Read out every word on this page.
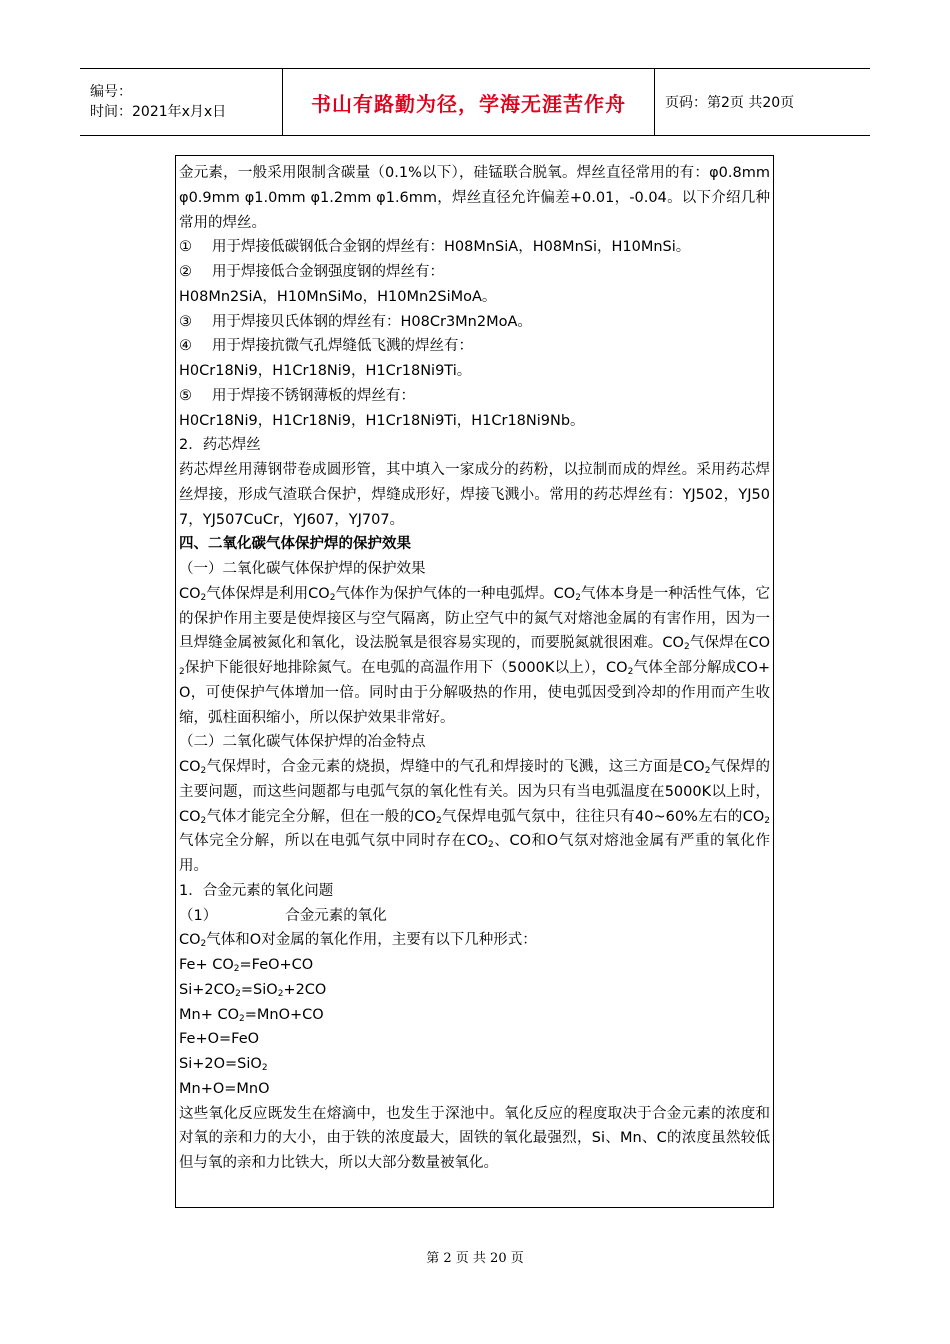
编号：
时间：2021年x月x日	书山有路勤为径，学海无涯苦作舟	页码：第2页 共20页

金元素，一般采用限制含碳量（0.1%以下），硅锰联合脱氧。焊丝直径常用的有：φ0.8mm φ0.9mm φ1.0mm φ1.2mm φ1.6mm，焊丝直径允许偏差+0.01，-0.04。以下介绍几种常用的焊丝。

① 用于焊接低碳钢低合金钢的焊丝有：H08MnSiA，H08MnSi，H10MnSi。

② 用于焊接低合金钢强度钢的焊丝有：

H08Mn2SiA，H10MnSiMo，H10Mn2SiMoA。

③ 用于焊接贝氏体钢的焊丝有：H08Cr3Mn2MoA。

④ 用于焊接抗微气孔焊缝低飞溅的焊丝有：

H0Cr18Ni9，H1Cr18Ni9，H1Cr18Ni9Ti。

⑤ 用于焊接不锈钢薄板的焊丝有：

H0Cr18Ni9，H1Cr18Ni9，H1Cr18Ni9Ti，H1Cr18Ni9Nb。

2．药芯焊丝

药芯焊丝用薄钢带卷成圆形管，其中填入一家成分的药粉，以拉制而成的焊丝。采用药芯焊丝焊接，形成气渣联合保护，焊缝成形好，焊接飞溅小。常用的药芯焊丝有：YJ502，YJ507，YJ507CuCr，YJ607，YJ707。

四、二氧化碳气体保护焊的保护效果

（一）二氧化碳气体保护焊的保护效果

$CO_2$气体保焊是利用$CO_2$气体作为保护气体的一种电弧焊。$CO_2$气体本身是一种活性气体，它的保护作用主要是使焊接区与空气隔离，防止空气中的氮气对熔池金属的有害作用，因为一旦焊缝金属被氮化和氧化，设法脱氧是很容易实现的，而要脱氮就很困难。$CO_2$气保焊在$CO_2$保护下能很好地排除氮气。在电弧的高温作用下（5000K以上），$CO_2$气体全部分解成CO+ O，可使保护气体增加一倍。同时由于分解吸热的作用，使电弧因受到冷却的作用而产生收缩，弧柱面积缩小，所以保护效果非常好。

（二）二氧化碳气体保护焊的冶金特点

$CO_2$气保焊时，合金元素的烧损，焊缝中的气孔和焊接时的飞溅，这三方面是$CO_2$气保焊的主要问题，而这些问题都与电弧气氛的氧化性有关。因为只有当电弧温度在5000K以上时，$CO_2$气体才能完全分解，但在一般的$CO_2$气保焊电弧气氛中，往往只有40~60%左右的$CO_2$气体完全分解，所以在电弧气氛中同时存在$CO_2$、CO和O气氛对熔池金属有严重的氧化作用。

1．合金元素的氧化问题

（1）	合金元素的氧化

$CO_2$气体和O对金属的氧化作用，主要有以下几种形式：

$Fe+ CO_2=FeO+CO$

$Si+2CO_2=SiO_2+2CO$

$Mn+ CO_2=MnO+CO$

Fe+O=FeO

Si+2O=SiO$_2$

Mn+O=MnO

这些氧化反应既发生在熔滴中，也发生于深池中。氧化反应的程度取决于合金元素的浓度和对氧的亲和力的大小，由于铁的浓度最大，固铁的氧化最强烈，Si、Mn、C的浓度虽然较低但与氧的亲和力比铁大，所以大部分数量被氧化。

第 2 页 共 20 页
